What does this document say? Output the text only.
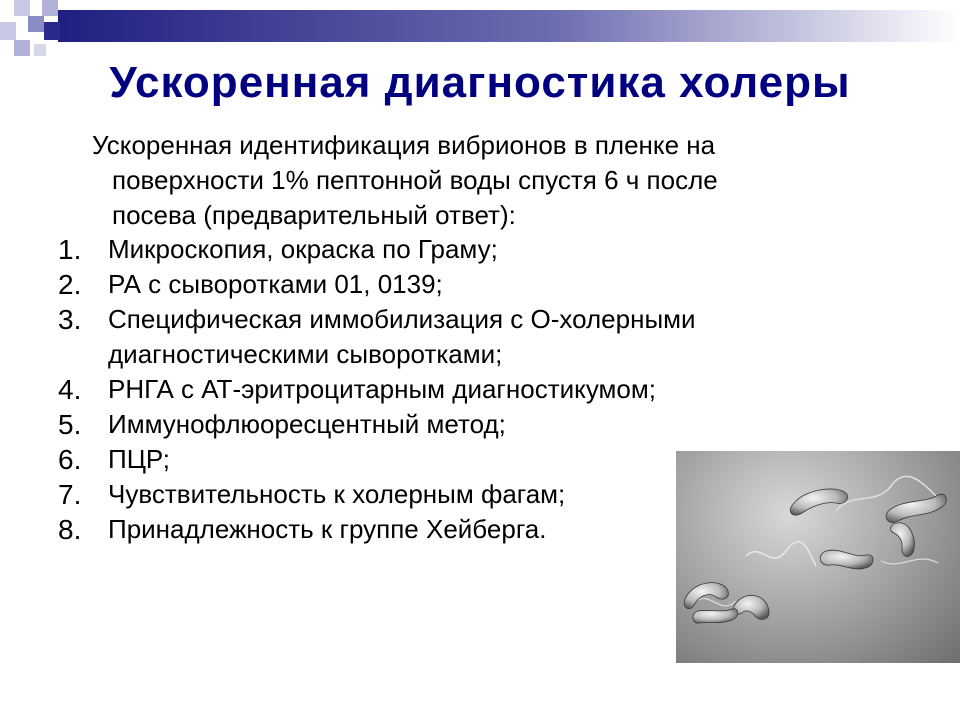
Ускоренная диагностика холеры
Ускоренная идентификация вибрионов в пленке на
поверхности 1% пептонной воды спустя 6 ч после
посева (предварительный ответ):
1.	Микроскопия, окраска по Граму;
2.	РА с сыворотками 01, 0139;
3.	Специфическая иммобилизация с О-холерными
диагностическими сыворотками;
4.	РНГА с АТ-эритроцитарным диагностикумом;
5.	Иммунофлюоресцентный метод;
6.	ПЦР;
7.	Чувствительность к холерным фагам;
8.	Принадлежность к группе Хейберга.
